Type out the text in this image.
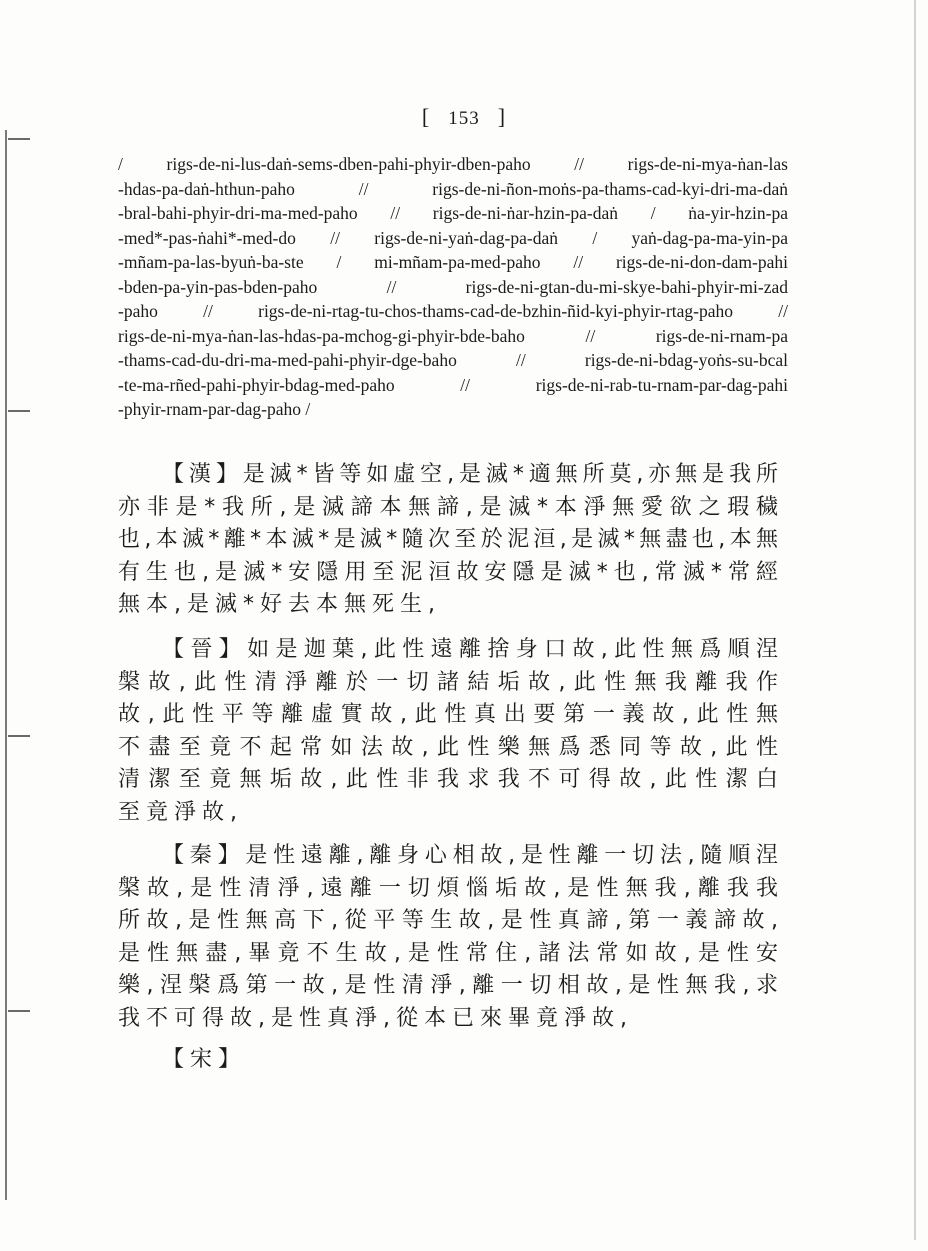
[ 153 ]
/ rigs-de-ni-lus-daṅ-sems-dben-pahi-phyir-dben-paho // rigs-de-ni-mya-ṅan-las
-hdas-pa-daṅ-hthun-paho // rigs-de-ni-ñon-moṅs-pa-thams-cad-kyi-dri-ma-daṅ
-bral-bahi-phyir-dri-ma-med-paho // rigs-de-ni-ṅar-hzin-pa-daṅ / ṅa-yir-hzin-pa
-med*-pas-ṅahi*-med-do // rigs-de-ni-yaṅ-dag-pa-daṅ / yaṅ-dag-pa-ma-yin-pa
-mñam-pa-las-byuṅ-ba-ste / mi-mñam-pa-med-paho // rigs-de-ni-don-dam-pahi
-bden-pa-yin-pas-bden-paho // rigs-de-ni-gtan-du-mi-skye-bahi-phyir-mi-zad
-paho // rigs-de-ni-rtag-tu-chos-thams-cad-de-bzhin-ñid-kyi-phyir-rtag-paho //
rigs-de-ni-mya-ṅan-las-hdas-pa-mchog-gi-phyir-bde-baho // rigs-de-ni-rnam-pa
-thams-cad-du-dri-ma-med-pahi-phyir-dge-baho // rigs-de-ni-bdag-yoṅs-su-bcal
-te-ma-rñed-pahi-phyir-bdag-med-paho // rigs-de-ni-rab-tu-rnam-par-dag-pahi
-phyir-rnam-par-dag-paho /
【漢】是滅*皆等如虛空,是滅*適無所莫,亦無是我所
亦非是*我所,是滅諦本無諦,是滅*本淨無愛欲之瑕穢
也,本滅*離*本滅*是滅*隨次至於泥洹,是滅*無盡也,本無
有生也,是滅*安隱用至泥洹故安隱是滅*也,常滅*常經
無本,是滅*好去本無死生,
【晉】如是迦葉,此性遠離捨身口故,此性無爲順涅
槃故,此性清淨離於一切諸結垢故,此性無我離我作
故,此性平等離虛實故,此性真出要第一義故,此性無
不盡至竟不起常如法故,此性樂無爲悉同等故,此性
清潔至竟無垢故,此性非我求我不可得故,此性潔白
至竟淨故,
【秦】是性遠離,離身心相故,是性離一切法,隨順涅
槃故,是性清淨,遠離一切煩惱垢故,是性無我,離我我
所故,是性無高下,從平等生故,是性真諦,第一義諦故,
是性無盡,畢竟不生故,是性常住,諸法常如故,是性安
樂,涅槃爲第一故,是性清淨,離一切相故,是性無我,求
我不可得故,是性真淨,從本已來畢竟淨故,
【宋】
